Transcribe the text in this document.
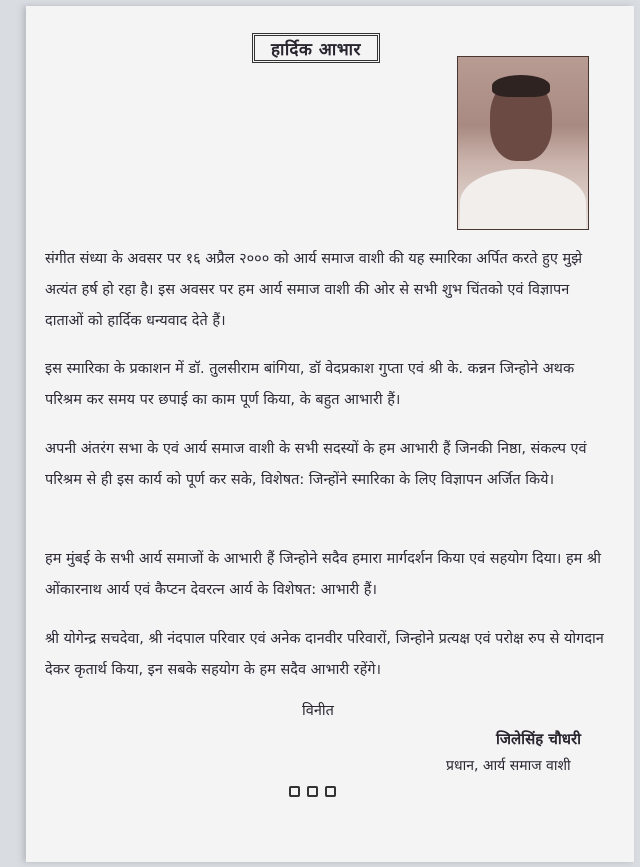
हार्दिक आभार
संगीत संध्या के अवसर पर १६ अप्रैल २००० को आर्य समाज वाशी की यह स्मारिका अर्पित करते हुए मुझे अत्यंत हर्ष हो रहा है। इस अवसर पर हम आर्य समाज वाशी की ओर से सभी शुभ चिंतको एवं विज्ञापन दाताओं को हार्दिक धन्यवाद देते हैं।
इस स्मारिका के प्रकाशन में डॉ. तुलसीराम बांगिया, डॉ वेदप्रकाश गुप्ता एवं श्री के. कन्नन जिन्होने अथक परिश्रम कर समय पर छपाई का काम पूर्ण किया, के बहुत आभारी हैं।
अपनी अंतरंग सभा के एवं आर्य समाज वाशी के सभी सदस्यों के हम आभारी हैं जिनकी निष्ठा, संकल्प एवं परिश्रम से ही इस कार्य को पूर्ण कर सके, विशेषत: जिन्होंने स्मारिका के लिए विज्ञापन अर्जित किये।
हम मुंबई के सभी आर्य समाजों के आभारी हैं जिन्होने सदैव हमारा मार्गदर्शन किया एवं सहयोग दिया। हम श्री ओंकारनाथ आर्य एवं कैप्टन देवरत्न आर्य के विशेषत: आभारी हैं।
श्री योगेन्द्र सचदेवा, श्री नंदपाल परिवार एवं अनेक दानवीर परिवारों, जिन्होने प्रत्यक्ष एवं परोक्ष रुप से योगदान देकर कृतार्थ किया, इन सबके सहयोग के हम सदैव आभारी रहेंगे।
विनीत
जिलेसिंह चौधरी
प्रधान, आर्य समाज वाशी
